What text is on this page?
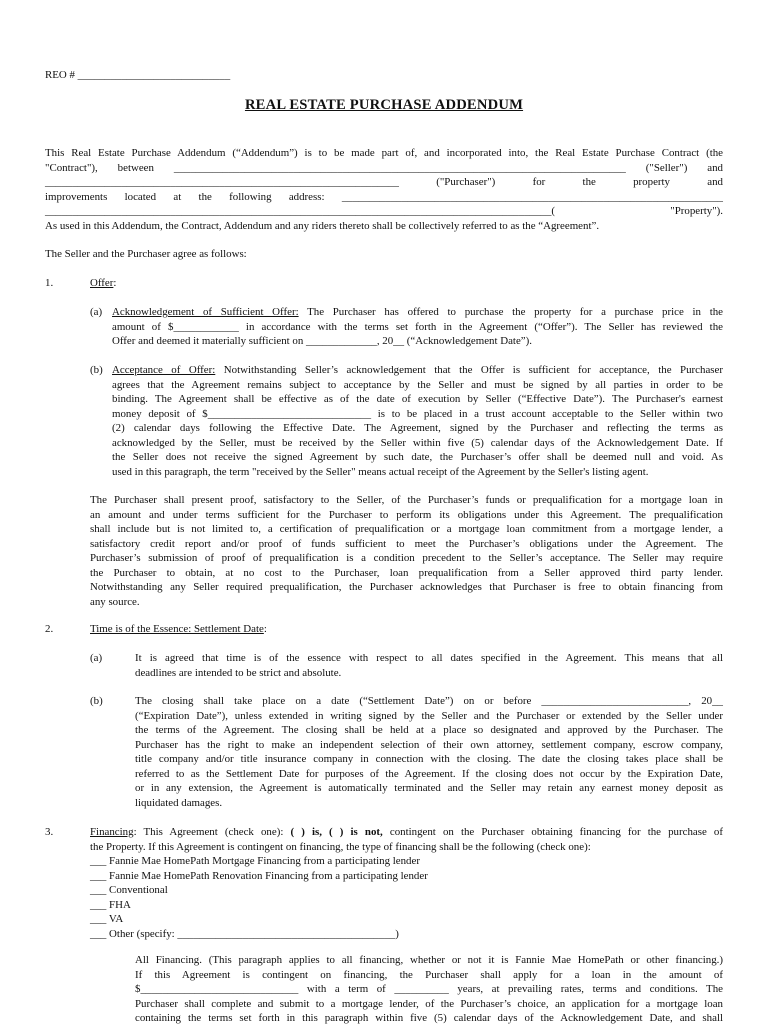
REO # ____________________________
REAL ESTATE PURCHASE ADDENDUM
This Real Estate Purchase Addendum (“Addendum”) is to be made part of, and incorporated into, the Real Estate Purchase Contract (the
"Contract"), between ___________________________________________________________________________________ ("Seller") and
_________________________________________________________________ ("Purchaser") for the property and
improvements located at the following address: ______________________________________________________________________
_____________________________________________________________________________________________( "Property").
As used in this Addendum, the Contract, Addendum and any riders thereto shall be collectively referred to as the “Agreement”.
The Seller and the Purchaser agree as follows:
1.	Offer:
(a) Acknowledgement of Sufficient Offer: The Purchaser has offered to purchase the property for a purchase price in the
amount of $____________ in accordance with the terms set forth in the Agreement (“Offer”). The Seller has reviewed the
Offer and deemed it materially sufficient on _____________, 20__ (“Acknowledgement Date”).
(b) Acceptance of Offer: Notwithstanding Seller’s acknowledgement that the Offer is sufficient for acceptance, the Purchaser
agrees that the Agreement remains subject to acceptance by the Seller and must be signed by all parties in order to be
binding. The Agreement shall be effective as of the date of execution by Seller (“Effective Date”). The Purchaser's earnest
money deposit of $______________________________ is to be placed in a trust account acceptable to the Seller within two
(2) calendar days following the Effective Date. The Agreement, signed by the Purchaser and reflecting the terms as
acknowledged by the Seller, must be received by the Seller within five (5) calendar days of the Acknowledgement Date. If
the Seller does not receive the signed Agreement by such date, the Purchaser’s offer shall be deemed null and void. As
used in this paragraph, the term "received by the Seller" means actual receipt of the Agreement by the Seller's listing agent.
The Purchaser shall present proof, satisfactory to the Seller, of the Purchaser’s funds or prequalification for a mortgage loan in
an amount and under terms sufficient for the Purchaser to perform its obligations under this Agreement. The prequalification
shall include but is not limited to, a certification of prequalification or a mortgage loan commitment from a mortgage lender, a
satisfactory credit report and/or proof of funds sufficient to meet the Purchaser’s obligations under the Agreement. The
Purchaser’s submission of proof of prequalification is a condition precedent to the Seller’s acceptance. The Seller may require
the Purchaser to obtain, at no cost to the Purchaser, loan prequalification from a Seller approved third party lender.
Notwithstanding any Seller required prequalification, the Purchaser acknowledges that Purchaser is free to obtain financing from
any source.
2.	Time is of the Essence: Settlement Date:
(a)	It is agreed that time is of the essence with respect to all dates specified in the Agreement. This means that all
deadlines are intended to be strict and absolute.
(b)	The closing shall take place on a date (“Settlement Date”) on or before ___________________________, 20__
(“Expiration Date”), unless extended in writing signed by the Seller and the Purchaser or extended by the Seller under
the terms of the Agreement. The closing shall be held at a place so designated and approved by the Purchaser. The
Purchaser has the right to make an independent selection of their own attorney, settlement company, escrow company,
title company and/or title insurance company in connection with the closing. The date the closing takes place shall be
referred to as the Settlement Date for purposes of the Agreement. If the closing does not occur by the Expiration Date,
or in any extension, the Agreement is automatically terminated and the Seller may retain any earnest money deposit as
liquidated damages.
3.	Financing: This Agreement (check one): ( ) is, ( ) is not, contingent on the Purchaser obtaining financing for the purchase of
the Property. If this Agreement is contingent on financing, the type of financing shall be the following (check one):
___ Fannie Mae HomePath Mortgage Financing from a participating lender
___ Fannie Mae HomePath Renovation Financing from a participating lender
___ Conventional
___ FHA
___ VA
___ Other (specify: ________________________________________)
All Financing. (This paragraph applies to all financing, whether or not it is Fannie Mae HomePath or other financing.)
If this Agreement is contingent on financing, the Purchaser shall apply for a loan in the amount of
$_____________________________ with a term of __________ years, at prevailing rates, terms and conditions. The
Purchaser shall complete and submit to a mortgage lender, of the Purchaser’s choice, an application for a mortgage loan
containing the terms set forth in this paragraph within five (5) calendar days of the Acknowledgement Date, and shall
